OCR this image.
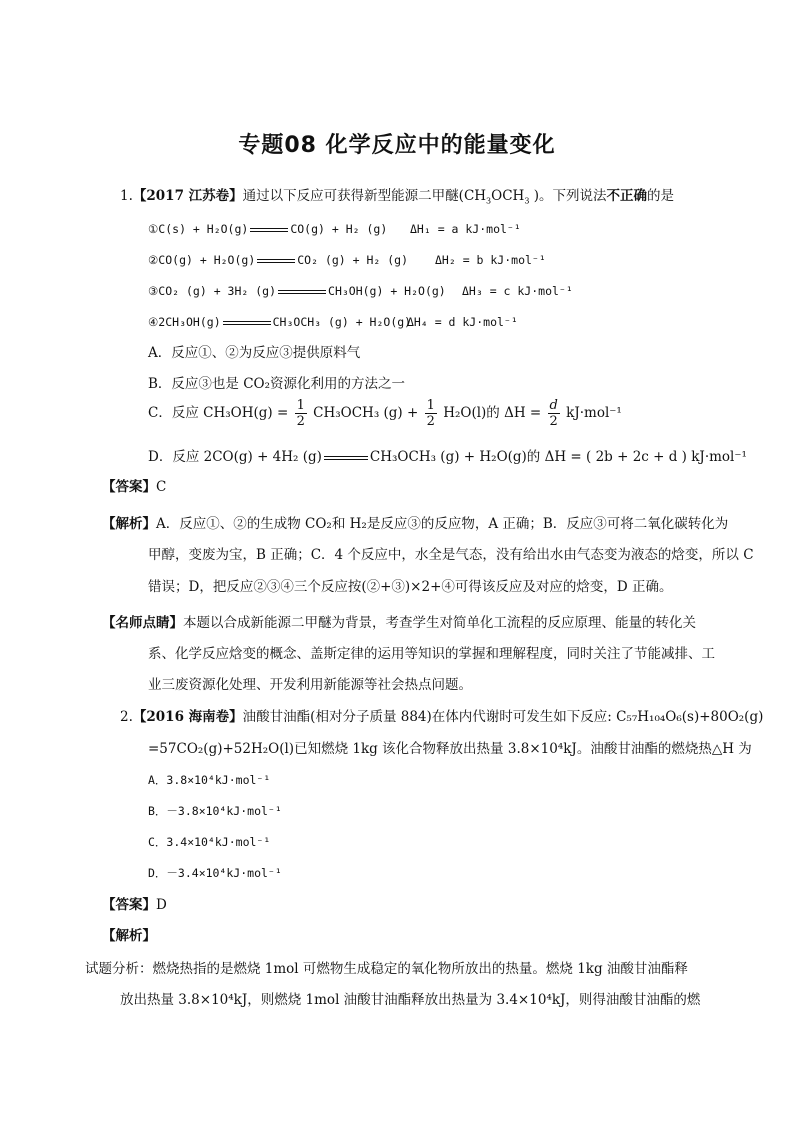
专题08 化学反应中的能量变化
1.【2017 江苏卷】通过以下反应可获得新型能源二甲醚($CH_3OCH_3$ )。下列说法不正确的是
①C(s) + H₂O(g)	CO(g) + H₂ (g) ΔH₁ = a kJ·mol⁻¹
②CO(g) + H₂O(g)	CO₂ (g) + H₂ (g) ΔH₂ = b kJ·mol⁻¹
③CO₂ (g) + 3H₂ (g)	CH₃OH(g) + H₂O(g) ΔH₃ = c kJ·mol⁻¹
④2CH₃OH(g)	CH₃OCH₃ (g) + H₂O(g)
ΔH₄ = d kJ·mol⁻¹
A．反应①、②为反应③提供原料气
B．反应③也是 CO₂资源化利用的方法之一
C．反应 $CH_3OH(g) = \frac{1}{2} CH_3OCH_3$ $(g) + \frac{1}{2} H_2O(l)$的 $\Delta H = \frac{d}{2} kJ\cdot mol^{-1}$
D．反应 2CO(g) + 4H₂ (g)	CH₃OCH₃ (g) + H₂O(g)的 ΔH = ( 2b + 2c + d ) kJ·mol⁻¹
【答案】C
【解析】A．反应①、②的生成物 CO₂和 H₂是反应③的反应物，A 正确；B．反应③可将二氧化碳转化为
甲醇，变废为宝，B 正确；C．4 个反应中，水全是气态，没有给出水由气态变为液态的焓变，所以 C
错误；D，把反应②③④三个反应按(②+③)×2+④可得该反应及对应的焓变，D 正确。
【名师点睛】本题以合成新能源二甲醚为背景，考查学生对简单化工流程的反应原理、能量的转化关
系、化学反应焓变的概念、盖斯定律的运用等知识的掌握和理解程度，同时关注了节能减排、工
业三废资源化处理、开发利用新能源等社会热点问题。
2.【2016 海南卷】油酸甘油酯(相对分子质量 884)在体内代谢时可发生如下反应: C₅₇H₁₀₄O₆(s)+80O₂(g)
=57CO₂(g)+52H₂O(l)已知燃烧 1kg 该化合物释放出热量 3.8×10⁴kJ。油酸甘油酯的燃烧热△H 为
A．3.8×10⁴kJ·mol⁻¹
B．－3.8×10⁴kJ·mol⁻¹
C．3.4×10⁴kJ·mol⁻¹
D．－3.4×10⁴kJ·mol⁻¹
【答案】D
【解析】
试题分析：燃烧热指的是燃烧 1mol 可燃物生成稳定的氧化物所放出的热量。燃烧 1kg 油酸甘油酯释
放出热量 3.8×10⁴kJ，则燃烧 1mol 油酸甘油酯释放出热量为 3.4×10⁴kJ，则得油酸甘油酯的燃
